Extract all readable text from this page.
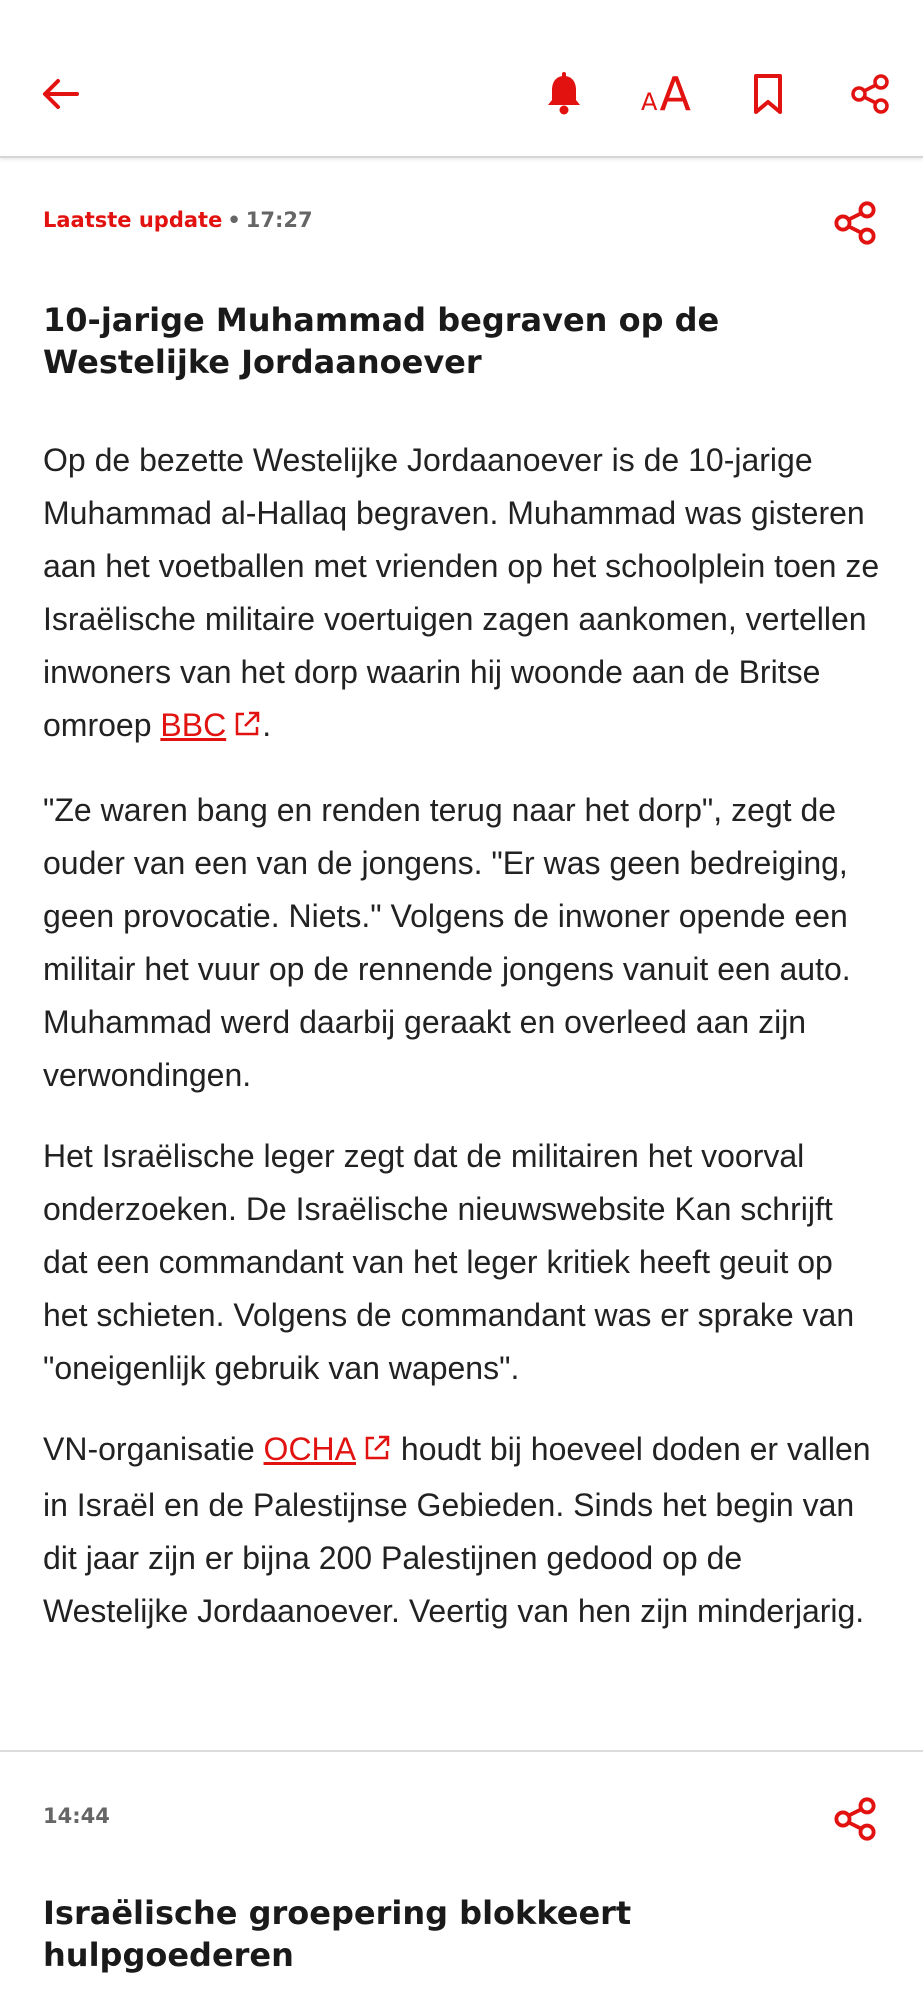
AA
Laatste update • 17:27
10-jarige Muhammad begraven op de Westelijke Jordaanoever

Op de bezette Westelijke Jordaanoever is de 10-jarige Muhammad al-Hallaq begraven. Muhammad was gisteren aan het voetballen met vrienden op het schoolplein toen ze Israëlische militaire voertuigen zagen aankomen, vertellen inwoners van het dorp waarin hij woonde aan de Britse omroep BBC .

"Ze waren bang en renden terug naar het dorp", zegt de ouder van een van de jongens. "Er was geen bedreiging, geen provocatie. Niets." Volgens de inwoner opende een militair het vuur op de rennende jongens vanuit een auto. Muhammad werd daarbij geraakt en overleed aan zijn verwondingen.

Het Israëlische leger zegt dat de militairen het voorval onderzoeken. De Israëlische nieuwswebsite Kan schrijft dat een commandant van het leger kritiek heeft geuit op het schieten. Volgens de commandant was er sprake van "oneigenlijk gebruik van wapens".

VN-organisatie OCHA houdt bij hoeveel doden er vallen in Israël en de Palestijnse Gebieden. Sinds het begin van dit jaar zijn er bijna 200 Palestijnen gedood op de Westelijke Jordaanoever. Veertig van hen zijn minderjarig.

14:44
Israëlische groepering blokkeert hulpgoederen
